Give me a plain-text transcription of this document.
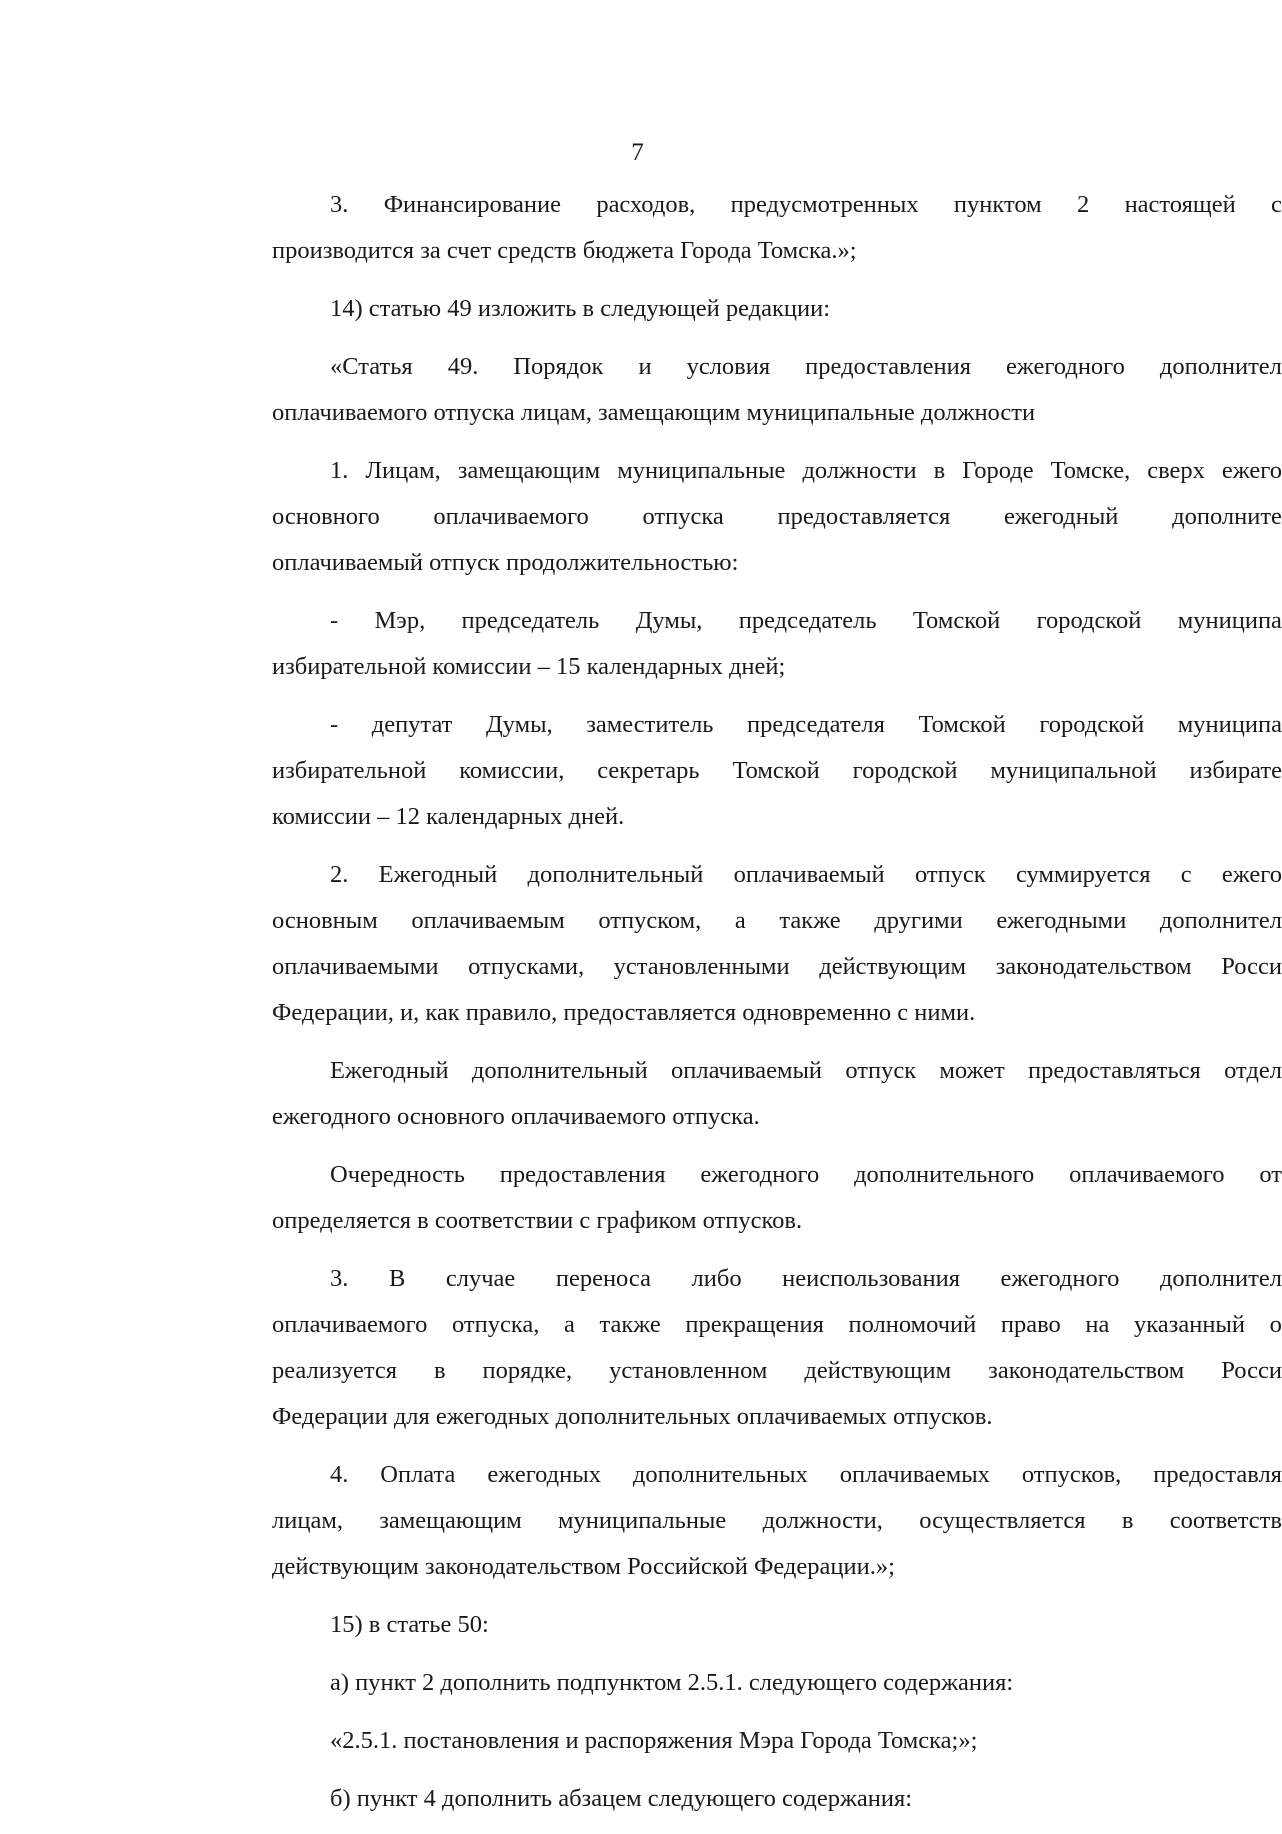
7
3. Финансирование расходов, предусмотренных пунктом 2 настоящей с
производится за счет средств бюджета Города Томска.»;
14) статью 49 изложить в следующей редакции:
«Статья 49. Порядок и условия предоставления ежегодного дополнител
оплачиваемого отпуска лицам, замещающим муниципальные должности
1. Лицам, замещающим муниципальные должности в Городе Томске, сверх ежего
основного оплачиваемого отпуска предоставляется ежегодный дополните
оплачиваемый отпуск продолжительностью:
- Мэр, председатель Думы, председатель Томской городской муниципа
избирательной комиссии – 15 календарных дней;
- депутат Думы, заместитель председателя Томской городской муниципа
избирательной комиссии, секретарь Томской городской муниципальной избирате
комиссии – 12 календарных дней.
2. Ежегодный дополнительный оплачиваемый отпуск суммируется с ежего
основным оплачиваемым отпуском, а также другими ежегодными дополнител
оплачиваемыми отпусками, установленными действующим законодательством Росси
Федерации, и, как правило, предоставляется одновременно с ними.
Ежегодный дополнительный оплачиваемый отпуск может предоставляться отдел
ежегодного основного оплачиваемого отпуска.
Очередность предоставления ежегодного дополнительного оплачиваемого от
определяется в соответствии с графиком отпусков.
3. В случае переноса либо неиспользования ежегодного дополнител
оплачиваемого отпуска, а также прекращения полномочий право на указанный о
реализуется в порядке, установленном действующим законодательством Росси
Федерации для ежегодных дополнительных оплачиваемых отпусков.
4. Оплата ежегодных дополнительных оплачиваемых отпусков, предоставля
лицам, замещающим муниципальные должности, осуществляется в соответств
действующим законодательством Российской Федерации.»;
15) в статье 50:
а) пункт 2 дополнить подпунктом 2.5.1. следующего содержания:
«2.5.1. постановления и распоряжения Мэра Города Томска;»;
б) пункт 4 дополнить абзацем следующего содержания:
